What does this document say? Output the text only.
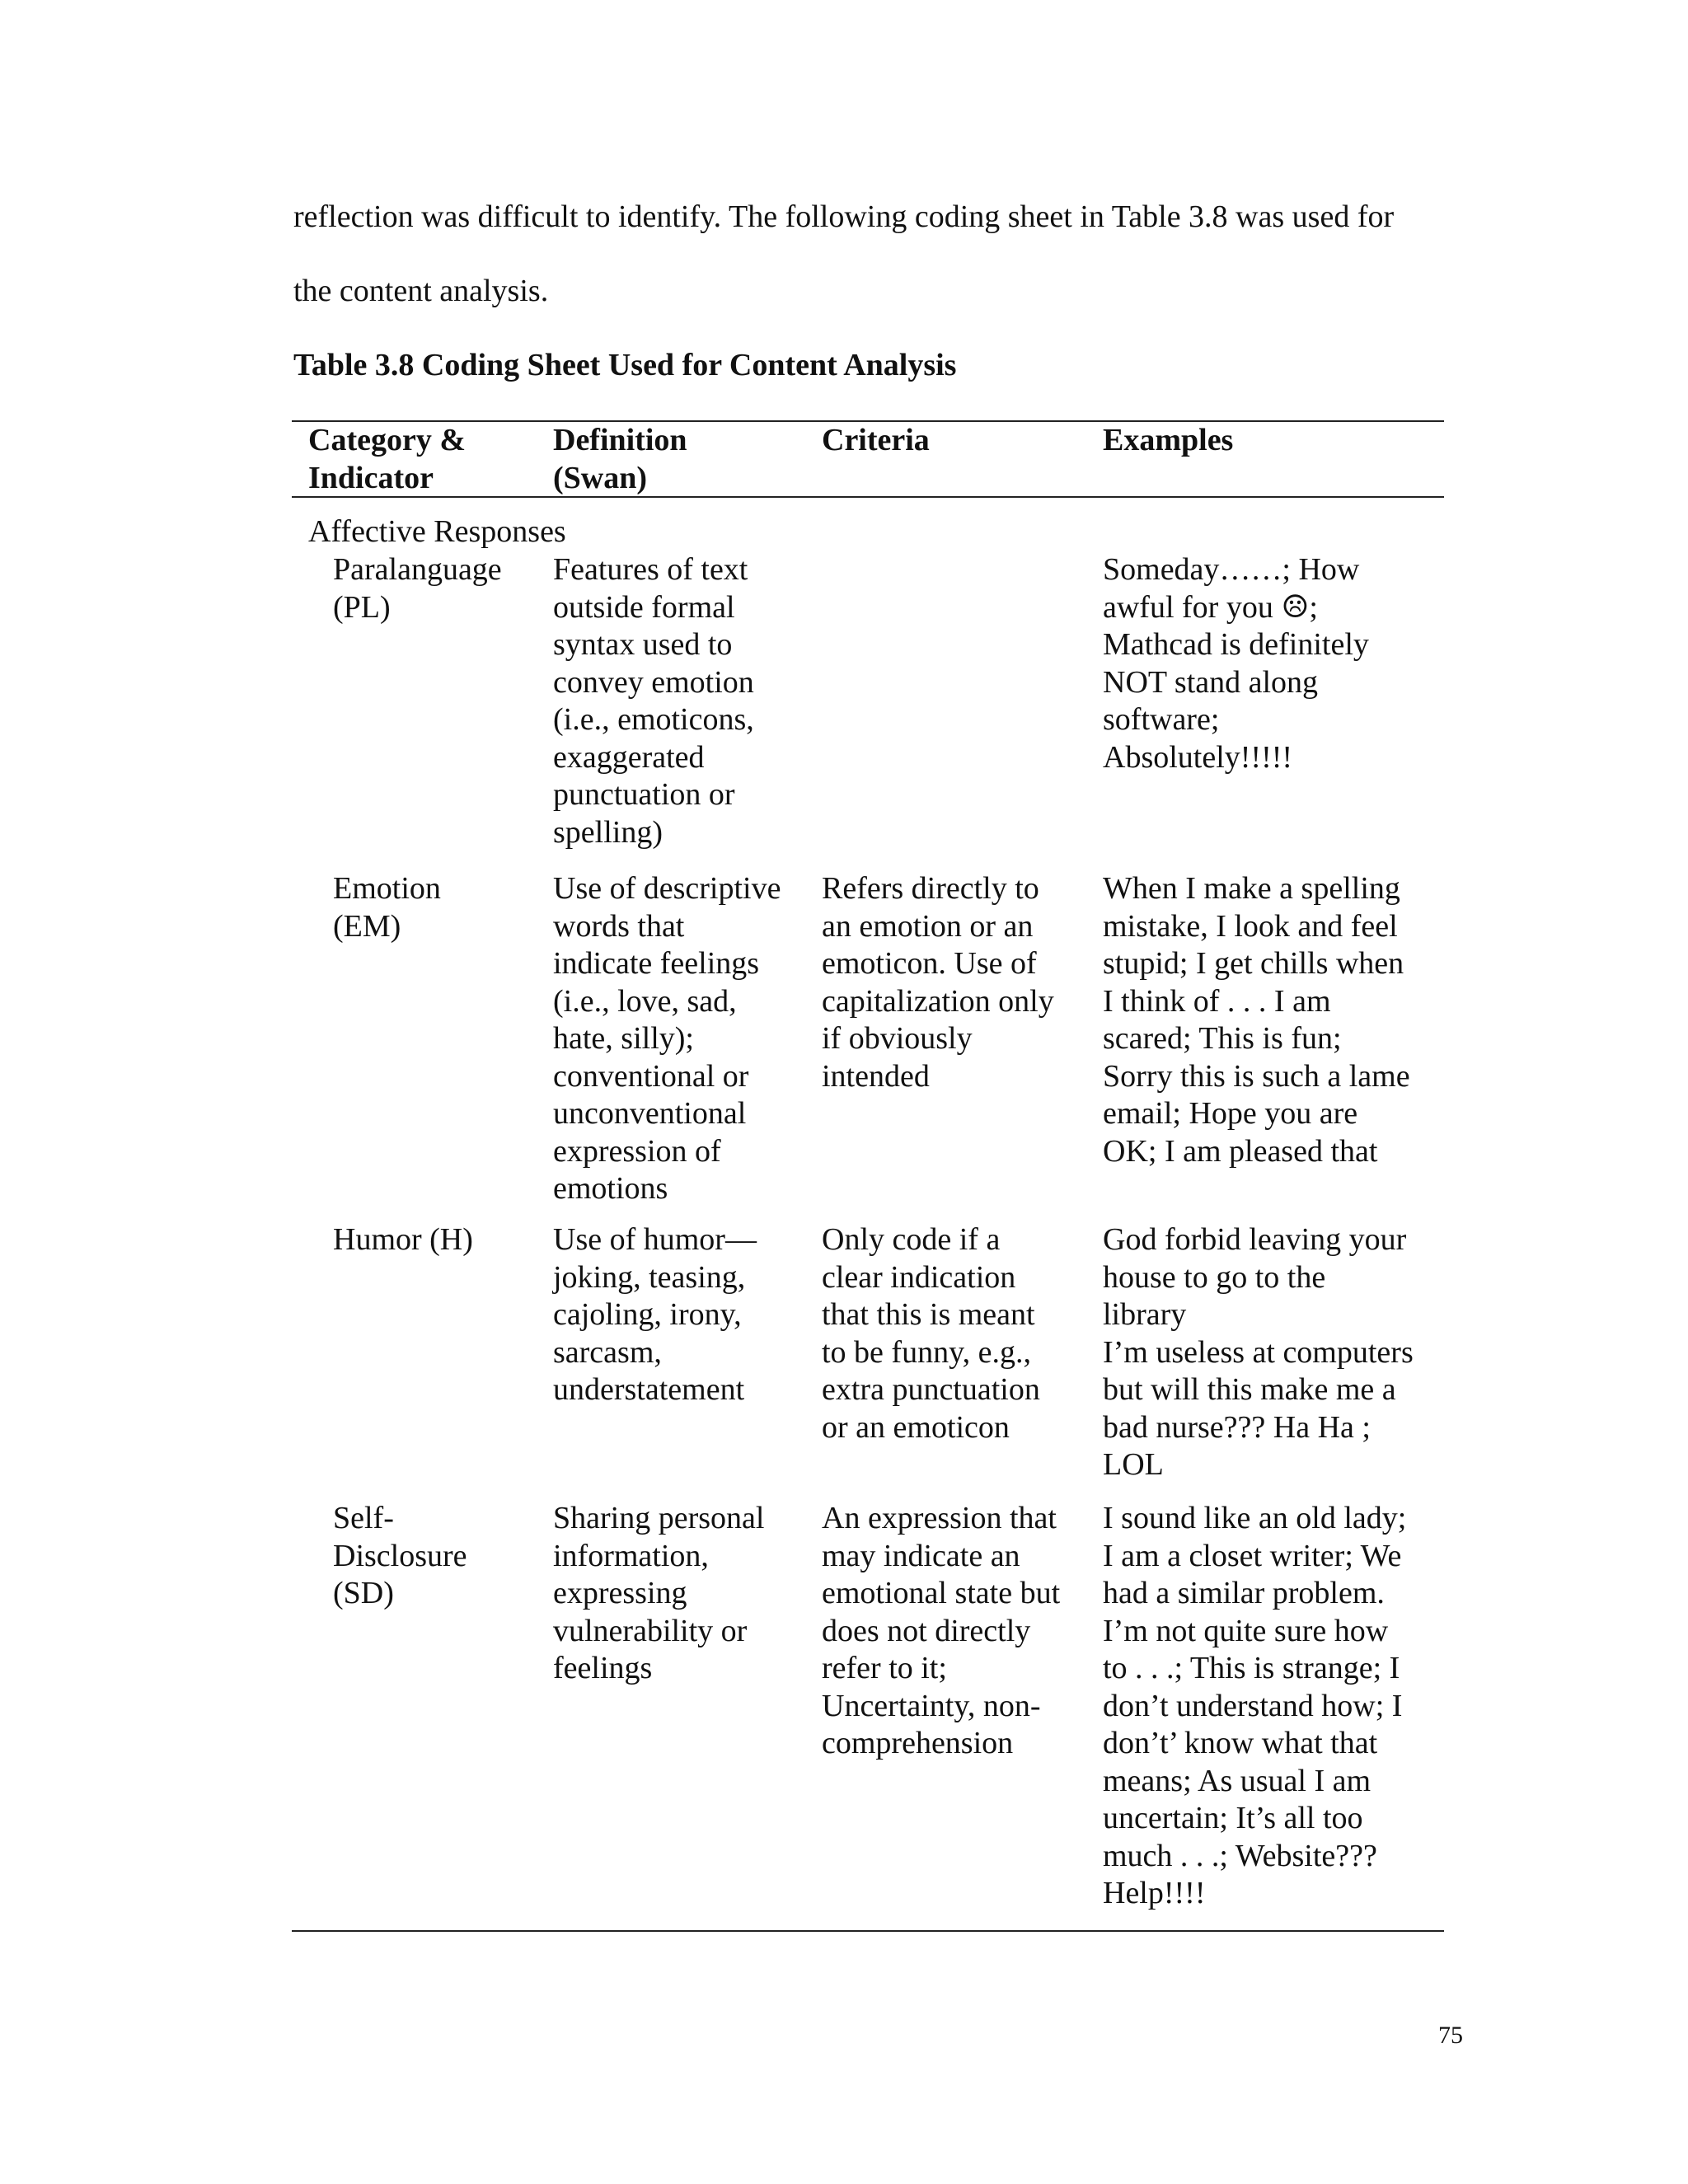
reflection was difficult to identify. The following coding sheet in Table 3.8 was used for
the content analysis.
Table 3.8 Coding Sheet Used for Content Analysis
Category &
Indicator
Definition
(Swan)
Criteria	Examples
Affective Responses
Paralanguage
(PL)
Features of text
outside formal
syntax used to
convey emotion
(i.e., emoticons,
exaggerated
punctuation or
spelling)
Someday……; How
awful for you ☹;
Mathcad is definitely
NOT stand along
software;
Absolutely!!!!!
Emotion
(EM)
Use of descriptive
words that
indicate feelings
(i.e., love, sad,
hate, silly);
conventional or
unconventional
expression of
emotions
Refers directly to
an emotion or an
emoticon. Use of
capitalization only
if obviously
intended
When I make a spelling
mistake, I look and feel
stupid; I get chills when
I think of . . . I am
scared; This is fun;
Sorry this is such a lame
email; Hope you are
OK; I am pleased that
Humor (H)	Use of humor—
joking, teasing,
cajoling, irony,
sarcasm,
understatement
Only code if a
clear indication
that this is meant
to be funny, e.g.,
extra punctuation
or an emoticon
God forbid leaving your
house to go to the
library
I’m useless at computers
but will this make me a
bad nurse??? Ha Ha ;
LOL
Self-
Disclosure
(SD)
Sharing personal
information,
expressing
vulnerability or
feelings
An expression that
may indicate an
emotional state but
does not directly
refer to it;
Uncertainty, non-
comprehension
I sound like an old lady;
I am a closet writer; We
had a similar problem.
I’m not quite sure how
to . . .; This is strange; I
don’t understand how; I
don’t’ know what that
means; As usual I am
uncertain; It’s all too
much . . .; Website???
Help!!!!
75
